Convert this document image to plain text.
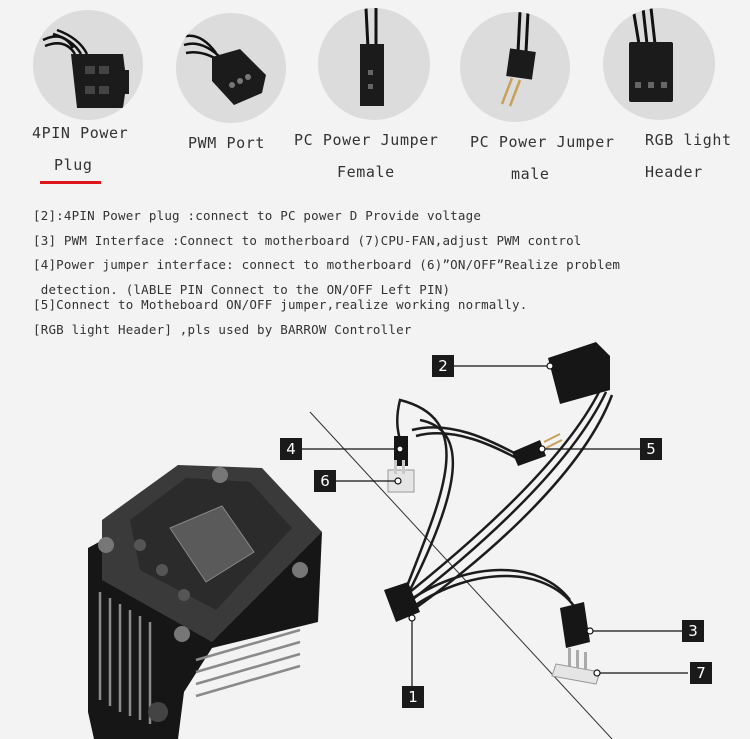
4PIN Power
Plug
PWM Port PC Power Jumper
Female
PC Power Jumper
male
RGB light
Header
[2]:4PIN Power plug :connect to PC power D Provide voltage
[3] PWM Interface :Connect to motherboard (7)CPU-FAN,adjust PWM control
[4]Power jumper interface: connect to motherboard (6)”ON/OFF”Realize problem
detection. (lABLE PIN Connect to the ON/OFF Left PIN)
[5]Connect to Motheboard ON/OFF jumper,realize working normally.
[RGB light Header] ,pls used by BARROW Controller
2
4	5
6
3
7
1
